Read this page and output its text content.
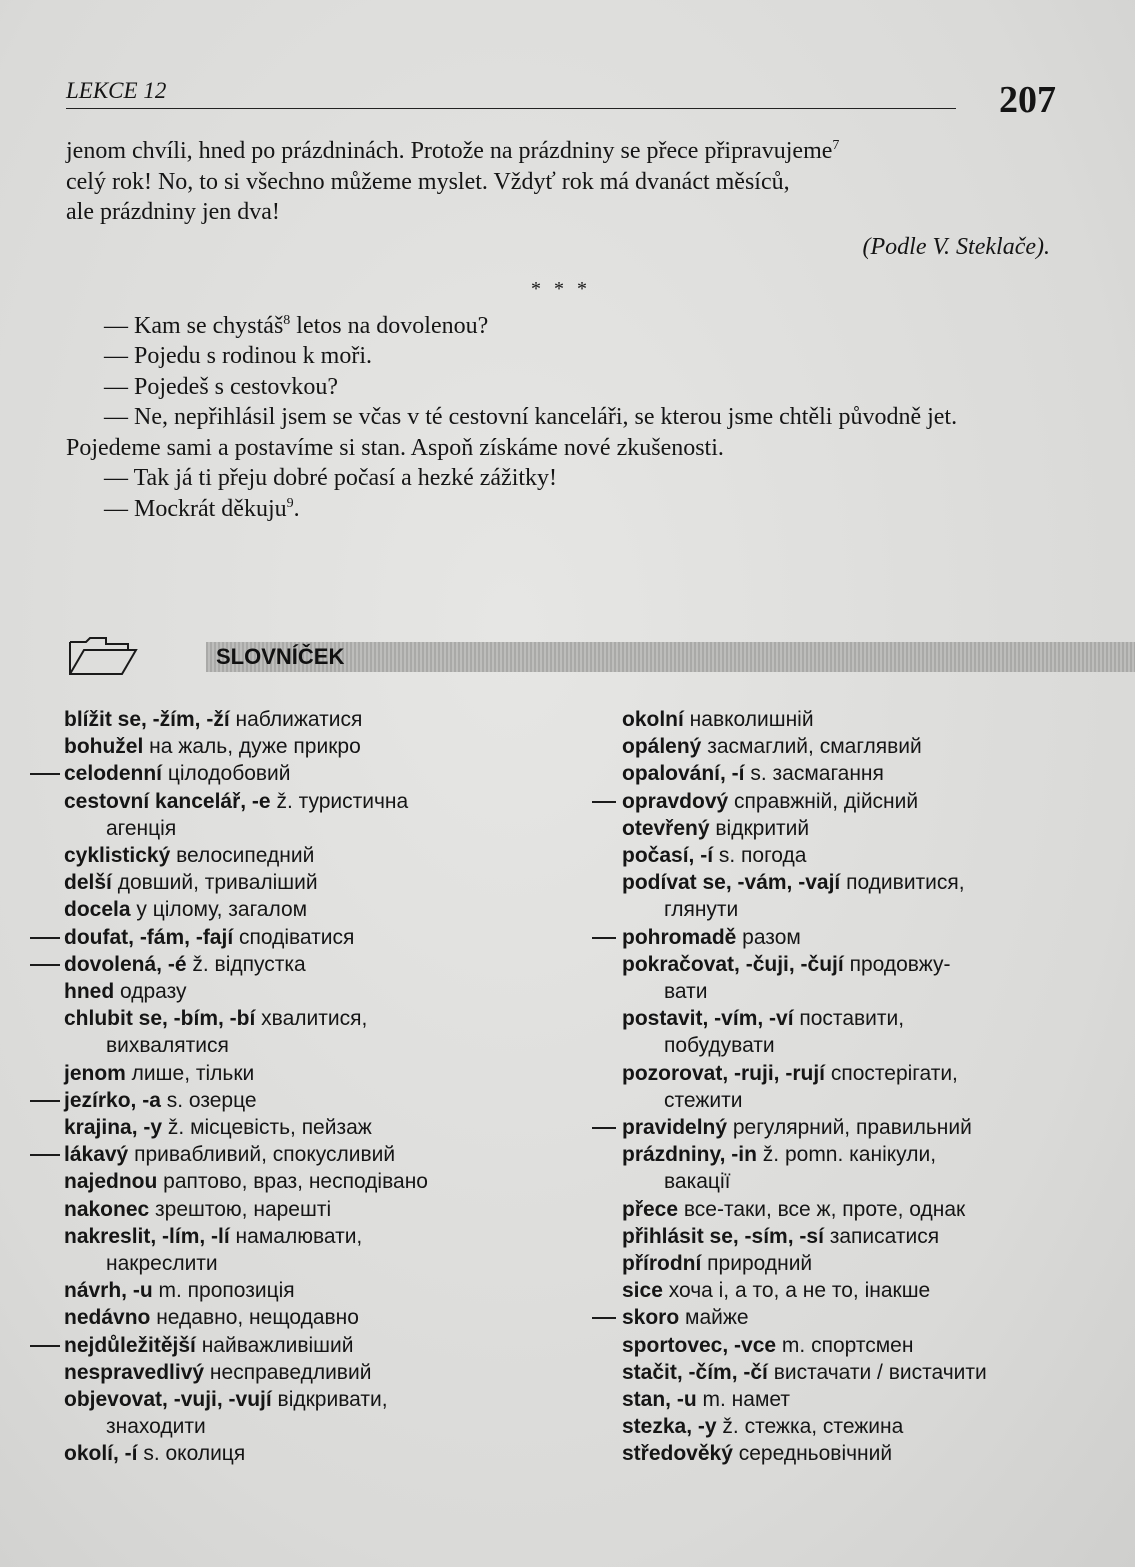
LEKCE 12	207

jenom chvíli, hned po prázdninách. Protože na prázdniny se přece připravujeme$^7$

celý rok! No, to si všechno můžeme myslet. Vždyť rok má dvanáct měsíců,

ale prázdniny jen dva!

(Podle V. Steklače).

* * *

— Kam se chystáš$^8$ letos na dovolenou?

— Pojedu s rodinou k moři.

— Pojedeš s cestovkou?

— Ne, nepřihlásil jsem se včas v té cestovní kanceláři, se kterou jsme chtěli původně jet. Pojedeme sami a postavíme si stan. Aspoň získáme nové zkušenosti.

— Tak já ti přeju dobré počasí a hezké zážitky!

— Mockrát děkuju$^9$.

SLOVNÍČEK

blížit se, -žím, -ží наближатися

bohužel на жаль, дуже прикро

celodenní цілодобовий

cestovní kancelář, -e ž. туристична
агенція

cyklistický велосипедний

delší довший, триваліший

docela у цілому, загалом

doufat, -fám, -fají сподіватися

dovolená, -é ž. відпустка

hned одразу

chlubit se, -bím, -bí хвалитися,
вихвалятися

jenom лише, тільки

jezírko, -a s. озерце

krajina, -y ž. місцевість, пейзаж

lákavý привабливий, спокусливий

najednou раптово, враз, несподівано

nakonec зрештою, нарешті

nakreslit, -lím, -lí намалювати,
накреслити

návrh, -u m. пропозиція

nedávno недавно, нещодавно

nejdůležitější найважливіший

nespravedlivý несправедливий

objevovat, -vuji, -vují відкривати,
знаходити

okolí, -í s. околиця

okolní навколишній

opálený засмаглий, смаглявий

opalování, -í s. засмагання

opravdový справжній, дійсний

otevřený відкритий

počasí, -í s. погода

podívat se, -vám, -vají подивитися,
глянути

pohromadě разом

pokračovat, -čuji, -čují продовжу-
вати

postavit, -vím, -ví поставити,
побудувати

pozorovat, -ruji, -rují спостерігати,
стежити

pravidelný регулярний, правильний

prázdniny, -in ž. pomn. канікули,
вакації

přece все-таки, все ж, проте, однак

přihlásit se, -sím, -sí записатися

přírodní природний

sice хоча і, а то, а не то, інакше

skoro майже

sportovec, -vce m. спортсмен

stačit, -čím, -čí вистачати / вистачити

stan, -u m. намет

stezka, -y ž. стежка, стежина

středověký середньовічний
